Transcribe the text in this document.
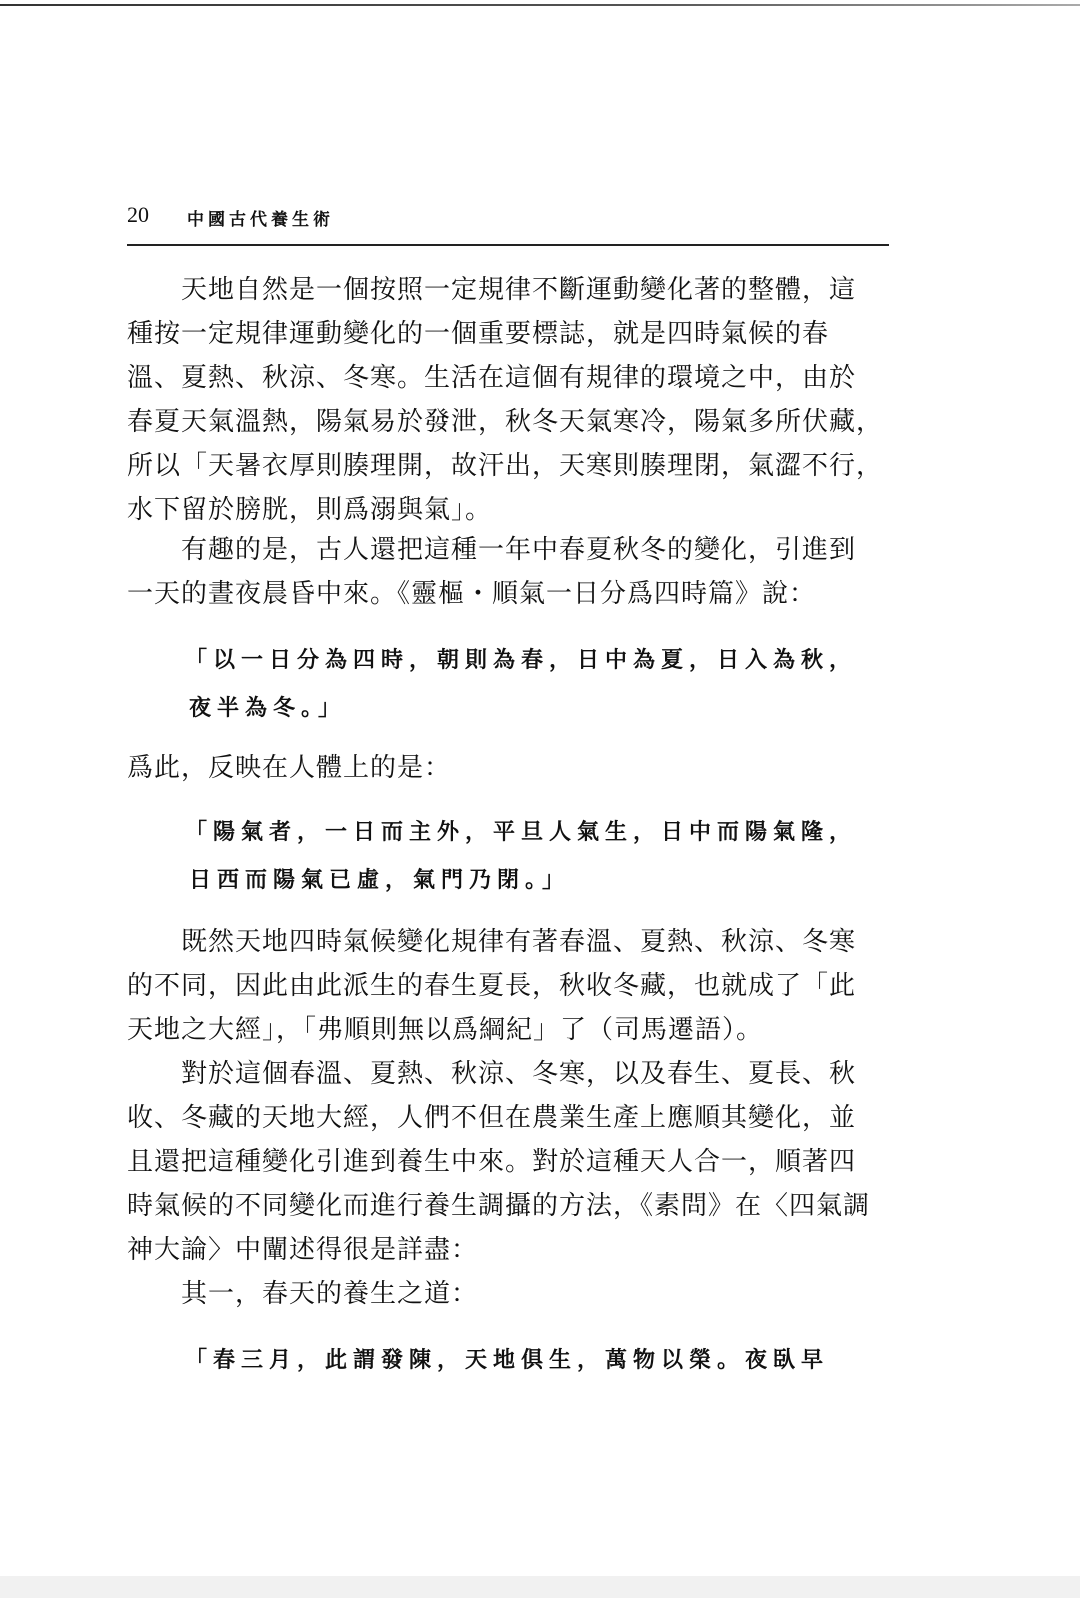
20 中國古代養生術
天地自然是一個按照一定規律不斷運動變化著的整體，這
種按一定規律運動變化的一個重要標誌，就是四時氣候的春
溫、夏熱、秋涼、冬寒。生活在這個有規律的環境之中，由於
春夏天氣溫熱，陽氣易於發泄，秋冬天氣寒冷，陽氣多所伏藏，
所以「天暑衣厚則腠理開，故汗出，天寒則腠理閉，氣澀不行，
水下留於膀胱，則爲溺與氣」。
有趣的是，古人還把這種一年中春夏秋冬的變化，引進到
一天的晝夜晨昏中來。《靈樞・順氣一日分爲四時篇》說：
「以一日分為四時，朝則為春，日中為夏，日入為秋，
夜半為冬。」
爲此，反映在人體上的是：
「陽氣者，一日而主外，平旦人氣生，日中而陽氣隆，
日西而陽氣已虛，氣門乃閉。」
既然天地四時氣候變化規律有著春溫、夏熱、秋涼、冬寒
的不同，因此由此派生的春生夏長，秋收冬藏，也就成了「此
天地之大經」，「弗順則無以爲綱紀」了（司馬遷語）。
對於這個春溫、夏熱、秋涼、冬寒，以及春生、夏長、秋
收、冬藏的天地大經，人們不但在農業生產上應順其變化，並
且還把這種變化引進到養生中來。對於這種天人合一，順著四
時氣候的不同變化而進行養生調攝的方法，《素問》在〈四氣調
神大論〉中闡述得很是詳盡：
其一，春天的養生之道：
「春三月，此謂發陳，天地俱生，萬物以榮。夜臥早
